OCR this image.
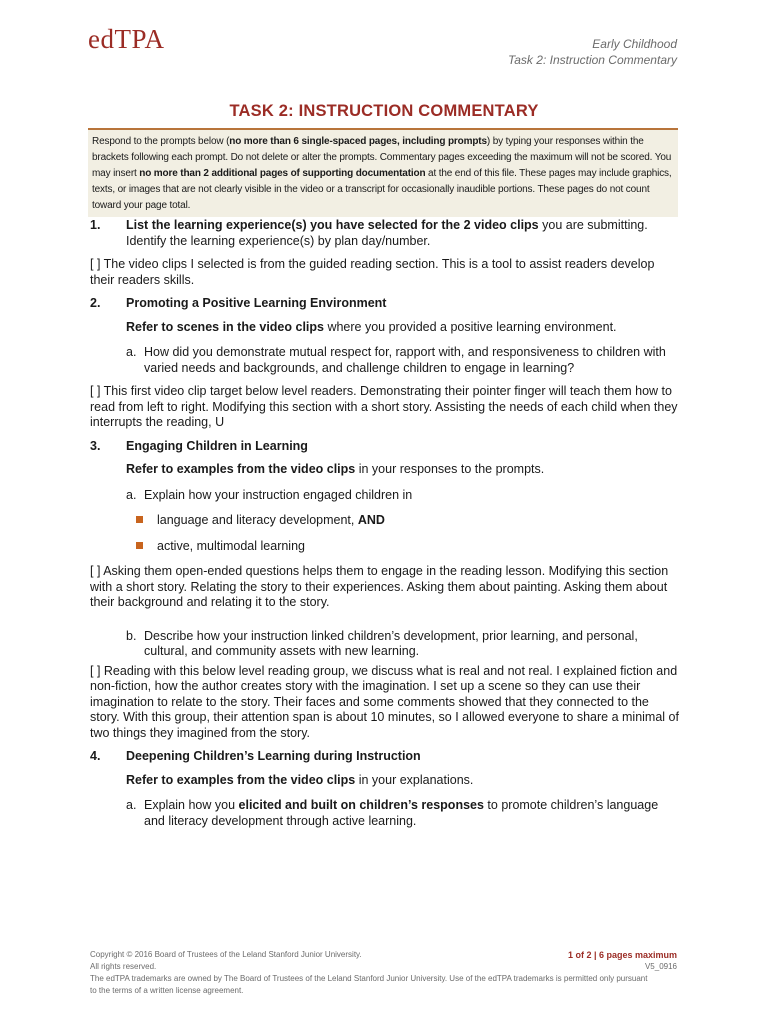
edTPA	Early Childhood
Task 2: Instruction Commentary
TASK 2: INSTRUCTION COMMENTARY
Respond to the prompts below (no more than 6 single-spaced pages, including prompts) by typing your responses within the brackets following each prompt. Do not delete or alter the prompts. Commentary pages exceeding the maximum will not be scored. You may insert no more than 2 additional pages of supporting documentation at the end of this file. These pages may include graphics, texts, or images that are not clearly visible in the video or a transcript for occasionally inaudible portions. These pages do not count toward your page total.
1.	List the learning experience(s) you have selected for the 2 video clips you are submitting. Identify the learning experience(s) by plan day/number.

[ ] The video clips I selected is from the guided reading section. This is a tool to assist readers develop their readers skills.

2.	Promoting a Positive Learning Environment
Refer to scenes in the video clips where you provided a positive learning environment.
a. How did you demonstrate mutual respect for, rapport with, and responsiveness to children with varied needs and backgrounds, and challenge children to engage in learning?

[ ] This first video clip target below level readers. Demonstrating their pointer finger will teach them how to read from left to right. Modifying this section with a short story. Assisting the needs of each child when they interrupts the reading, U

3.	Engaging Children in Learning
Refer to examples from the video clips in your responses to the prompts.
a. Explain how your instruction engaged children in
language and literacy development, AND
active, multimodal learning

[ ] Asking them open-ended questions helps them to engage in the reading lesson. Modifying this section with a short story. Relating the story to their experiences. Asking them about painting. Asking them about their background and relating it to the story.

b. Describe how your instruction linked children’s development, prior learning, and personal, cultural, and community assets with new learning.

[ ] Reading with this below level reading group, we discuss what is real and not real. I explained fiction and non-fiction, how the author creates story with the imagination. I set up a scene so they can use their imagination to relate to the story. Their faces and some comments showed that they connected to the story. With this group, their attention span is about 10 minutes, so I allowed everyone to share a minimal of two things they imagined from the story.

4.	Deepening Children’s Learning during Instruction
Refer to examples from the video clips in your explanations.
a. Explain how you elicited and built on children’s responses to promote children’s language and literacy development through active learning.
Copyright © 2016 Board of Trustees of the Leland Stanford Junior University.
All rights reserved.
The edTPA trademarks are owned by The Board of Trustees of the Leland Stanford Junior University. Use of the edTPA trademarks is permitted only pursuant to the terms of a written license agreement.
1 of 2 | 6 pages maximum
V5_0916
